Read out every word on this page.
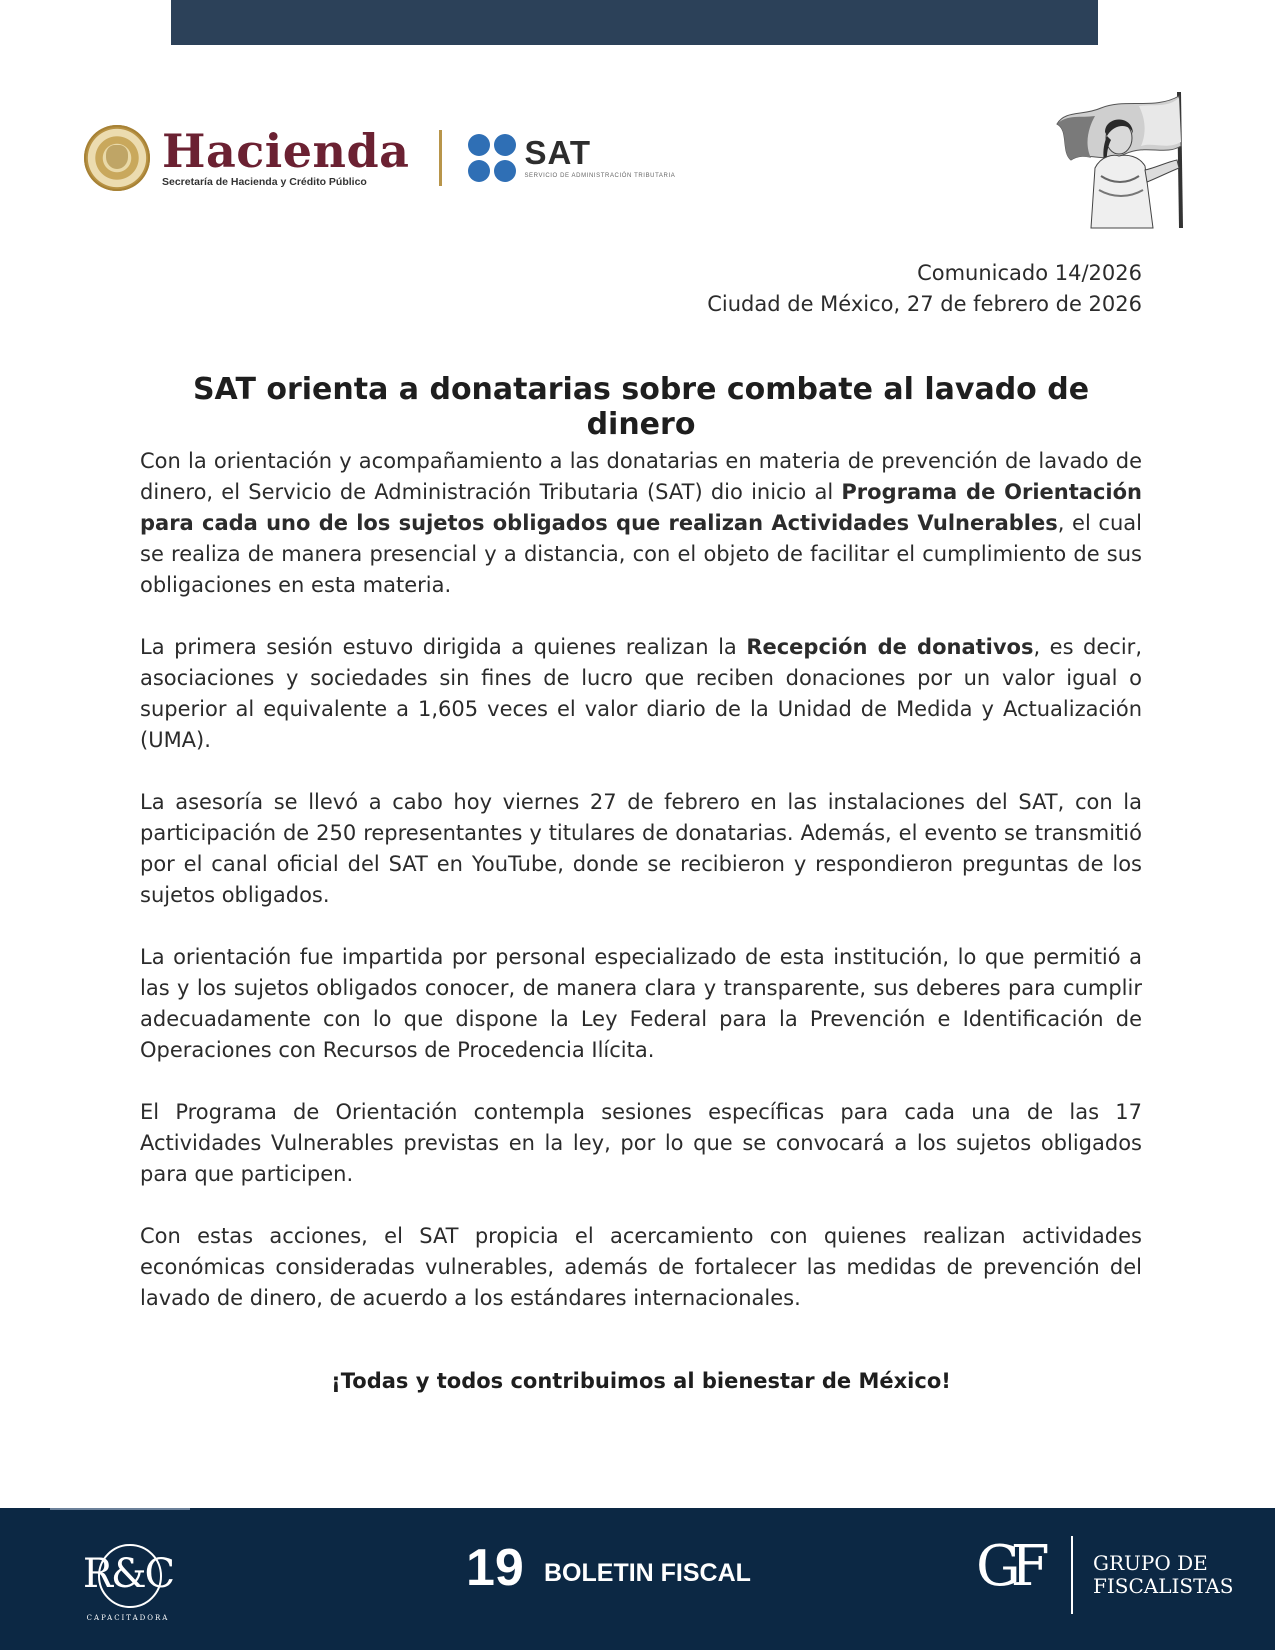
Hacienda
Secretaría de Hacienda y Crédito Público
SAT
SERVICIO DE ADMINISTRACIÓN TRIBUTARIA
Comunicado 14/2026
Ciudad de México, 27 de febrero de 2026
SAT orienta a donatarias sobre combate al lavado de dinero

Con la orientación y acompañamiento a las donatarias en materia de prevención de lavado de dinero, el Servicio de Administración Tributaria (SAT) dio inicio al Programa de Orientación para cada uno de los sujetos obligados que realizan Actividades Vulnerables, el cual se realiza de manera presencial y a distancia, con el objeto de facilitar el cumplimiento de sus obligaciones en esta materia.

La primera sesión estuvo dirigida a quienes realizan la Recepción de donativos, es decir, asociaciones y sociedades sin fines de lucro que reciben donaciones por un valor igual o superior al equivalente a 1,605 veces el valor diario de la Unidad de Medida y Actualización (UMA).

La asesoría se llevó a cabo hoy viernes 27 de febrero en las instalaciones del SAT, con la participación de 250 representantes y titulares de donatarias. Además, el evento se transmitió por el canal oficial del SAT en YouTube, donde se recibieron y respondieron preguntas de los sujetos obligados.

La orientación fue impartida por personal especializado de esta institución, lo que permitió a las y los sujetos obligados conocer, de manera clara y transparente, sus deberes para cumplir adecuadamente con lo que dispone la Ley Federal para la Prevención e Identificación de Operaciones con Recursos de Procedencia Ilícita.

El Programa de Orientación contempla sesiones específicas para cada una de las 17 Actividades Vulnerables previstas en la ley, por lo que se convocará a los sujetos obligados para que participen.

Con estas acciones, el SAT propicia el acercamiento con quienes realizan actividades económicas consideradas vulnerables, además de fortalecer las medidas de prevención del lavado de dinero, de acuerdo a los estándares internacionales.

¡Todas y todos contribuimos al bienestar de México!
R&C
CAPACITADORA
19 BOLETIN FISCAL	GF	GRUPO DE
FISCALISTAS
